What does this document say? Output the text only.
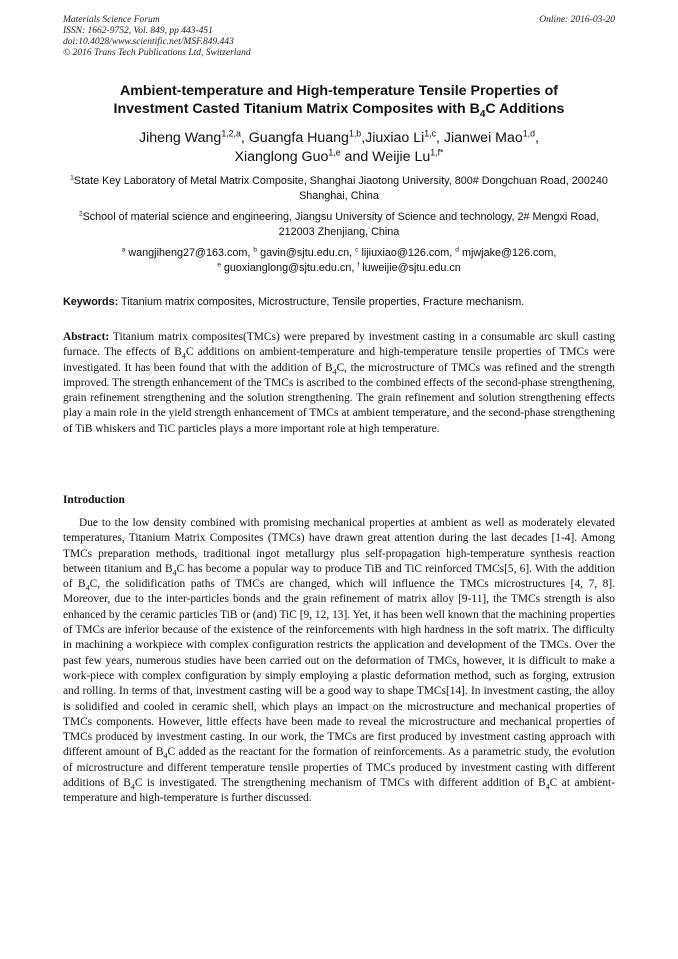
Materials Science Forum
ISSN: 1662-9752, Vol. 849, pp 443-451
doi:10.4028/www.scientific.net/MSF.849.443
© 2016 Trans Tech Publications Ltd, Switzerland
Online: 2016-03-20
Ambient-temperature and High-temperature Tensile Properties of
Investment Casted Titanium Matrix Composites with $B_4C$ Additions
Jiheng Wang$^{1,2,a}$, Guangfa Huang$^{1,b}$,Jiuxiao Li$^{1,c}$, Jianwei Mao$^{1,d}$,
Xianglong Guo$^{1,e}$ and Weijie $Lu^{1,f*}$
$^1$State Key Laboratory of Metal Matrix Composite, Shanghai Jiaotong University, 800# Dongchuan Road, 200240 Shanghai, China
$^2$School of material science and engineering, Jiangsu University of Science and technology, 2# Mengxi Road, 212003 Zhenjiang, China
$^a$ wangjiheng27@163.com, $^b$ gavin@sjtu.edu.cn, $^c$ lijiuxiao@126.com, $^d$ mjwjake@126.com,
$^e$ guoxianglong@sjtu.edu.cn, $^f$ luweijie@sjtu.edu.cn
Keywords: Titanium matrix composites, Microstructure, Tensile properties, Fracture mechanism.
Abstract: Titanium matrix composites(TMCs) were prepared by investment casting in a consumable arc skull casting furnace. The effects of $B_4C$ additions on ambient-temperature and high-temperature tensile properties of TMCs were investigated. It has been found that with the addition of $B_4C$, the microstructure of TMCs was refined and the strength improved. The strength enhancement of the TMCs is ascribed to the combined effects of the second-phase strengthening, grain refinement strengthening and the solution strengthening. The grain refinement and solution strengthening effects play a main role in the yield strength enhancement of TMCs at ambient temperature, and the second-phase strengthening of TiB whiskers and TiC particles plays a more important role at high temperature.
Introduction
Due to the low density combined with promising mechanical properties at ambient as well as moderately elevated temperatures, Titanium Matrix Composites (TMCs) have drawn great attention during the last decades [1-4]. Among TMCs preparation methods, traditional ingot metallurgy plus self-propagation high-temperature synthesis reaction between titanium and $B_4C$ has become a popular way to produce TiB and TiC reinforced TMCs[5, 6]. With the addition of $B_4C$, the solidification paths of TMCs are changed, which will influence the TMCs microstructures [4, 7, 8]. Moreover, due to the inter-particles bonds and the grain refinement of matrix alloy [9-11], the TMCs strength is also enhanced by the ceramic particles TiB or (and) TiC [9, 12, 13]. Yet, it has been well known that the machining properties of TMCs are inferior because of the existence of the reinforcements with high hardness in the soft matrix. The difficulty in machining a workpiece with complex configuration restricts the application and development of the TMCs. Over the past few years, numerous studies have been carried out on the deformation of TMCs, however, it is difficult to make a work-piece with complex configuration by simply employing a plastic deformation method, such as forging, extrusion and rolling. In terms of that, investment casting will be a good way to shape TMCs[14]. In investment casting, the alloy is solidified and cooled in ceramic shell, which plays an impact on the microstructure and mechanical properties of TMCs components. However, little effects have been made to reveal the microstructure and mechanical properties of TMCs produced by investment casting. In our work, the TMCs are first produced by investment casting approach with different amount of $B_4C$ added as the reactant for the formation of reinforcements. As a parametric study, the evolution of microstructure and different temperature tensile properties of TMCs produced by investment casting with different additions of $B_4C$ is investigated. The strengthening mechanism of TMCs with different addition of $B_4C$ at ambient-temperature and high-temperature is further discussed.
